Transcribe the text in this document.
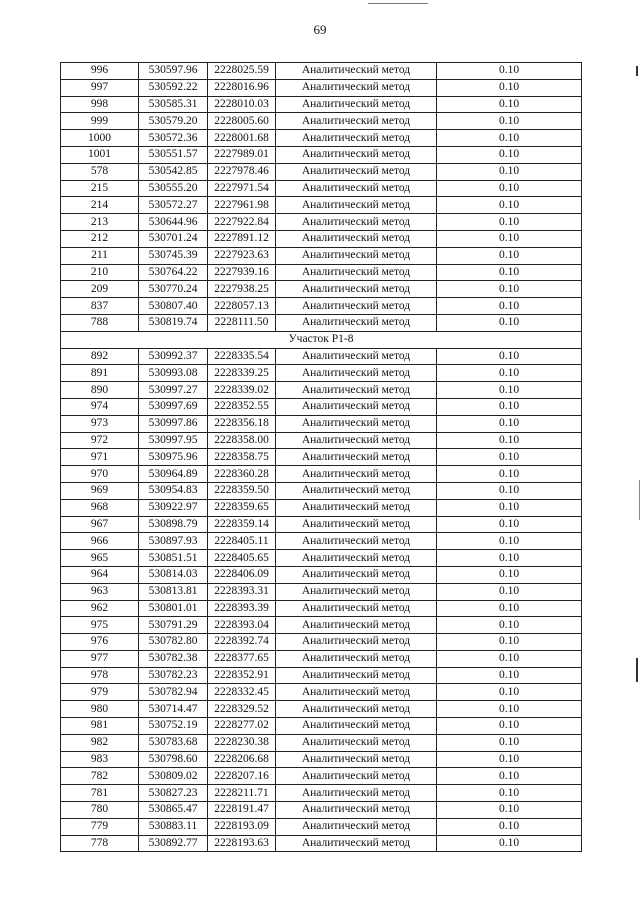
69
996	530597.96	2228025.59	Аналитический метод	0.10
997	530592.22	2228016.96	Аналитический метод	0.10
998	530585.31	2228010.03	Аналитический метод	0.10
999	530579.20	2228005.60	Аналитический метод	0.10
1000	530572.36	2228001.68	Аналитический метод	0.10
1001	530551.57	2227989.01	Аналитический метод	0.10
578	530542.85	2227978.46	Аналитический метод	0.10
215	530555.20	2227971.54	Аналитический метод	0.10
214	530572.27	2227961.98	Аналитический метод	0.10
213	530644.96	2227922.84	Аналитический метод	0.10
212	530701.24	2227891.12	Аналитический метод	0.10
211	530745.39	2227923.63	Аналитический метод	0.10
210	530764.22	2227939.16	Аналитический метод	0.10
209	530770.24	2227938.25	Аналитический метод	0.10
837	530807.40	2228057.13	Аналитический метод	0.10
788	530819.74	2228111.50	Аналитический метод	0.10
Участок Р1-8				
892	530992.37	2228335.54	Аналитический метод	0.10
891	530993.08	2228339.25	Аналитический метод	0.10
890	530997.27	2228339.02	Аналитический метод	0.10
974	530997.69	2228352.55	Аналитический метод	0.10
973	530997.86	2228356.18	Аналитический метод	0.10
972	530997.95	2228358.00	Аналитический метод	0.10
971	530975.96	2228358.75	Аналитический метод	0.10
970	530964.89	2228360.28	Аналитический метод	0.10
969	530954.83	2228359.50	Аналитический метод	0.10
968	530922.97	2228359.65	Аналитический метод	0.10
967	530898.79	2228359.14	Аналитический метод	0.10
966	530897.93	2228405.11	Аналитический метод	0.10
965	530851.51	2228405.65	Аналитический метод	0.10
964	530814.03	2228406.09	Аналитический метод	0.10
963	530813.81	2228393.31	Аналитический метод	0.10
962	530801.01	2228393.39	Аналитический метод	0.10
975	530791.29	2228393.04	Аналитический метод	0.10
976	530782.80	2228392.74	Аналитический метод	0.10
977	530782.38	2228377.65	Аналитический метод	0.10
978	530782.23	2228352.91	Аналитический метод	0.10
979	530782.94	2228332.45	Аналитический метод	0.10
980	530714.47	2228329.52	Аналитический метод	0.10
981	530752.19	2228277.02	Аналитический метод	0.10
982	530783.68	2228230.38	Аналитический метод	0.10
983	530798.60	2228206.68	Аналитический метод	0.10
782	530809.02	2228207.16	Аналитический метод	0.10
781	530827.23	2228211.71	Аналитический метод	0.10
780	530865.47	2228191.47	Аналитический метод	0.10
779	530883.11	2228193.09	Аналитический метод	0.10
778	530892.77	2228193.63	Аналитический метод	0.10
